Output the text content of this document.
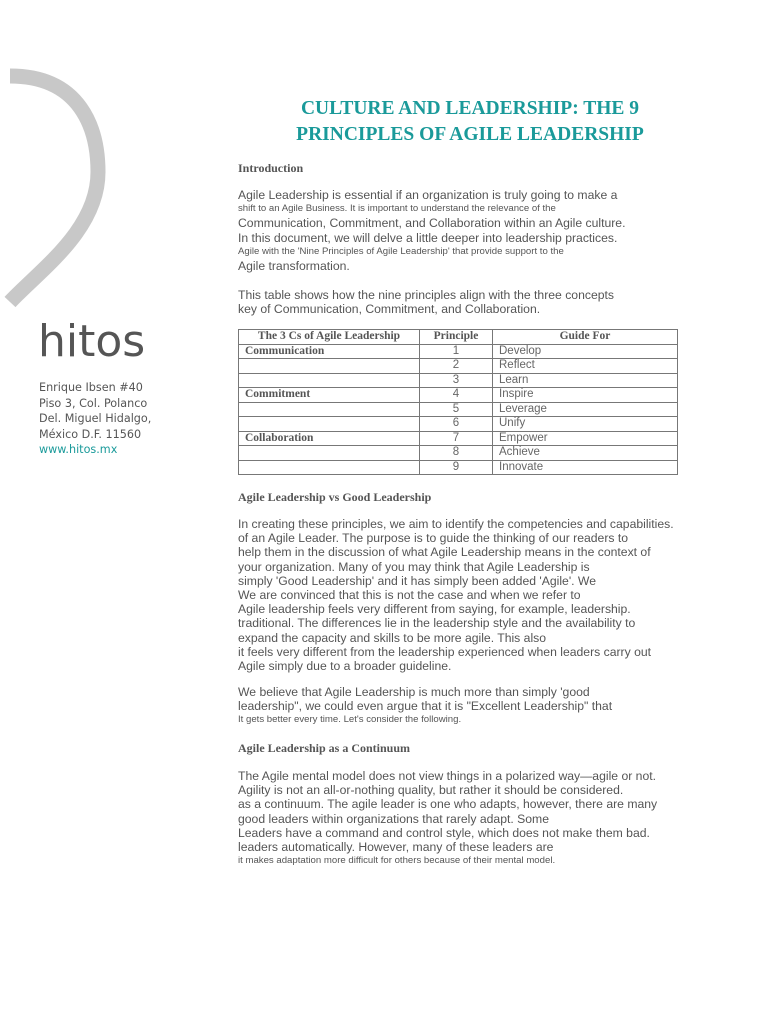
hitos
Enrique Ibsen #40
Piso 3, Col. Polanco
Del. Miguel Hidalgo,
México D.F. 11560
www.hitos.mx
CULTURE AND LEADERSHIP: THE 9
PRINCIPLES OF AGILE LEADERSHIP
Introduction
Agile Leadership is essential if an organization is truly going to make a
shift to an Agile Business. It is important to understand the relevance of the
Communication, Commitment, and Collaboration within an Agile culture.
In this document, we will delve a little deeper into leadership practices.
Agile with the 'Nine Principles of Agile Leadership' that provide support to the
Agile transformation.
This table shows how the nine principles align with the three concepts
key of Communication, Commitment, and Collaboration.
The 3 Cs of Agile Leadership	Principle	Guide For
Communication	1	Develop
	2	Reflect
	3	Learn
Commitment	4	Inspire
	5	Leverage
	6	Unify
Collaboration	7	Empower
	8	Achieve
	9	Innovate
Agile Leadership vs Good Leadership
In creating these principles, we aim to identify the competencies and capabilities.
of an Agile Leader. The purpose is to guide the thinking of our readers to
help them in the discussion of what Agile Leadership means in the context of
your organization. Many of you may think that Agile Leadership is
simply 'Good Leadership' and it has simply been added 'Agile'. We
We are convinced that this is not the case and when we refer to
Agile leadership feels very different from saying, for example, leadership.
traditional. The differences lie in the leadership style and the availability to
expand the capacity and skills to be more agile. This also
it feels very different from the leadership experienced when leaders carry out
Agile simply due to a broader guideline.
We believe that Agile Leadership is much more than simply 'good
leadership", we could even argue that it is "Excellent Leadership" that
It gets better every time. Let's consider the following.
Agile Leadership as a Continuum
The Agile mental model does not view things in a polarized way—agile or not.
Agility is not an all-or-nothing quality, but rather it should be considered.
as a continuum. The agile leader is one who adapts, however, there are many
good leaders within organizations that rarely adapt. Some
Leaders have a command and control style, which does not make them bad.
leaders automatically. However, many of these leaders are
it makes adaptation more difficult for others because of their mental model.
